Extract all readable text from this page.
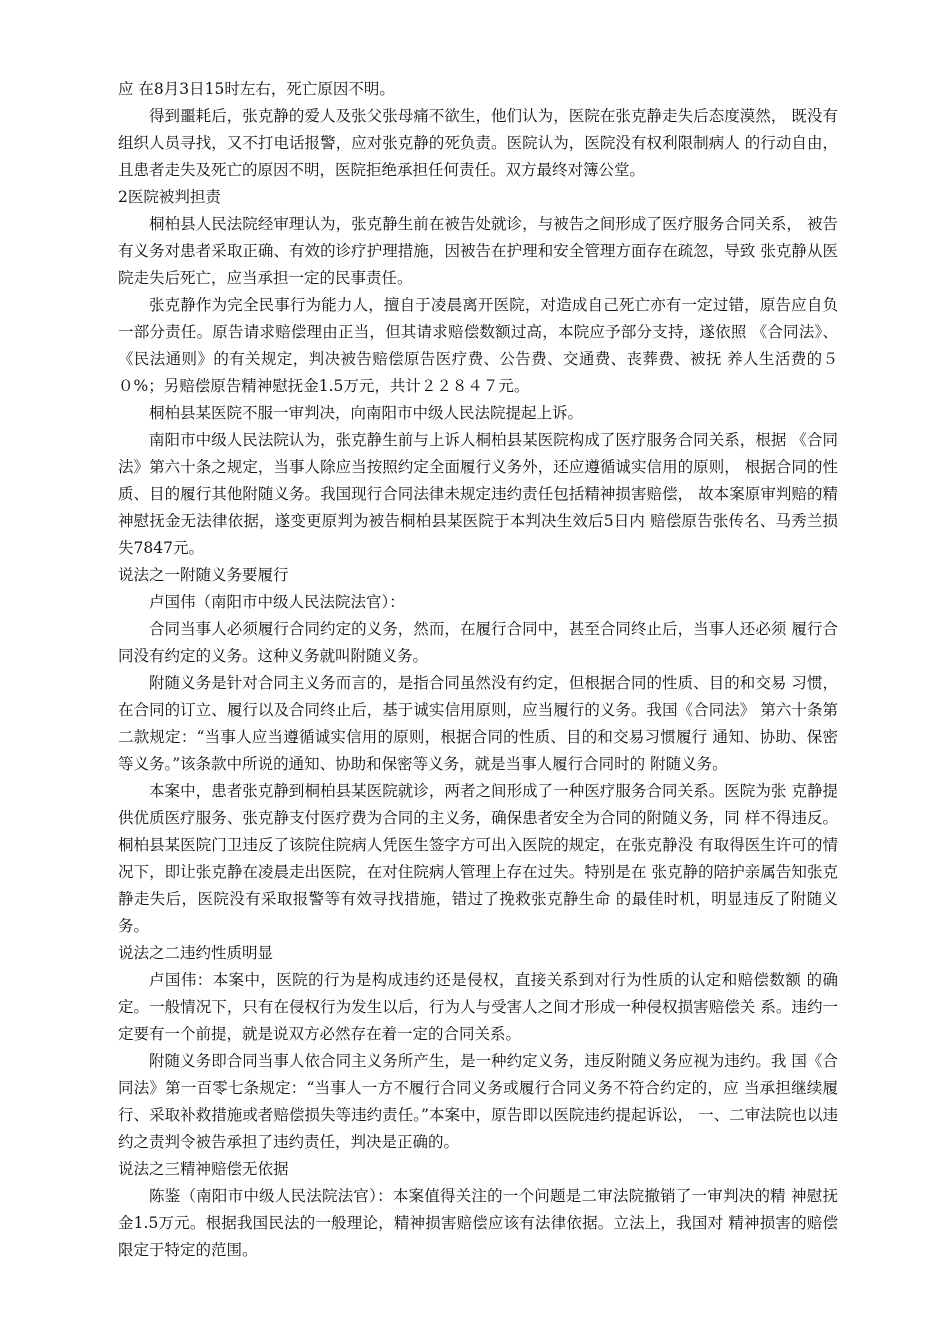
应 在8月3日15时左右，死亡原因不明。

得到噩耗后，张克静的爱人及张父张母痛不欲生，他们认为，医院在张克静走失后态度漠然， 既没有组织人员寻找，又不打电话报警，应对张克静的死负责。医院认为，医院没有权利限制病人 的行动自由，且患者走失及死亡的原因不明，医院拒绝承担任何责任。双方最终对簿公堂。

2医院被判担责

桐柏县人民法院经审理认为，张克静生前在被告处就诊，与被告之间形成了医疗服务合同关系， 被告有义务对患者采取正确、有效的诊疗护理措施，因被告在护理和安全管理方面存在疏忽，导致 张克静从医院走失后死亡，应当承担一定的民事责任。

张克静作为完全民事行为能力人，擅自于凌晨离开医院，对造成自己死亡亦有一定过错，原告应自负一部分责任。原告请求赔偿理由正当，但其请求赔偿数额过高，本院应予部分支持，遂依照 《合同法》、《民法通则》的有关规定，判决被告赔偿原告医疗费、公告费、交通费、丧葬费、被抚 养人生活费的５０%；另赔偿原告精神慰抚金1.5万元，共计２２８４７元。

桐柏县某医院不服一审判决，向南阳市中级人民法院提起上诉。

南阳市中级人民法院认为，张克静生前与上诉人桐柏县某医院构成了医疗服务合同关系，根据 《合同法》第六十条之规定，当事人除应当按照约定全面履行义务外，还应遵循诚实信用的原则， 根据合同的性质、目的履行其他附随义务。我国现行合同法律未规定违约责任包括精神损害赔偿， 故本案原审判赔的精神慰抚金无法律依据，遂变更原判为被告桐柏县某医院于本判决生效后5日内 赔偿原告张传名、马秀兰损失7847元。

说法之一附随义务要履行

卢国伟（南阳市中级人民法院法官）：

合同当事人必须履行合同约定的义务，然而，在履行合同中，甚至合同终止后，当事人还必须 履行合同没有约定的义务。这种义务就叫附随义务。

附随义务是针对合同主义务而言的，是指合同虽然没有约定，但根据合同的性质、目的和交易 习惯，在合同的订立、履行以及合同终止后，基于诚实信用原则，应当履行的义务。我国《合同法》 第六十条第二款规定：“当事人应当遵循诚实信用的原则，根据合同的性质、目的和交易习惯履行 通知、协助、保密等义务。”该条款中所说的通知、协助和保密等义务，就是当事人履行合同时的 附随义务。

本案中，患者张克静到桐柏县某医院就诊，两者之间形成了一种医疗服务合同关系。医院为张 克静提供优质医疗服务、张克静支付医疗费为合同的主义务，确保患者安全为合同的附随义务，同 样不得违反。桐柏县某医院门卫违反了该院住院病人凭医生签字方可出入医院的规定，在张克静没 有取得医生许可的情况下，即让张克静在凌晨走出医院，在对住院病人管理上存在过失。特别是在 张克静的陪护亲属告知张克静走失后，医院没有采取报警等有效寻找措施，错过了挽救张克静生命 的最佳时机，明显违反了附随义务。

说法之二违约性质明显

卢国伟：本案中，医院的行为是构成违约还是侵权，直接关系到对行为性质的认定和赔偿数额 的确定。一般情况下，只有在侵权行为发生以后，行为人与受害人之间才形成一种侵权损害赔偿关 系。违约一定要有一个前提，就是说双方必然存在着一定的合同关系。

附随义务即合同当事人依合同主义务所产生，是一种约定义务，违反附随义务应视为违约。我 国《合同法》第一百零七条规定：“当事人一方不履行合同义务或履行合同义务不符合约定的，应 当承担继续履行、采取补救措施或者赔偿损失等违约责任。”本案中，原告即以医院违约提起诉讼， 一、二审法院也以违约之责判令被告承担了违约责任，判决是正确的。

说法之三精神赔偿无依据

陈鉴（南阳市中级人民法院法官）：本案值得关注的一个问题是二审法院撤销了一审判决的精 神慰抚金1.5万元。根据我国民法的一般理论，精神损害赔偿应该有法律依据。立法上，我国对 精神损害的赔偿限定于特定的范围。
